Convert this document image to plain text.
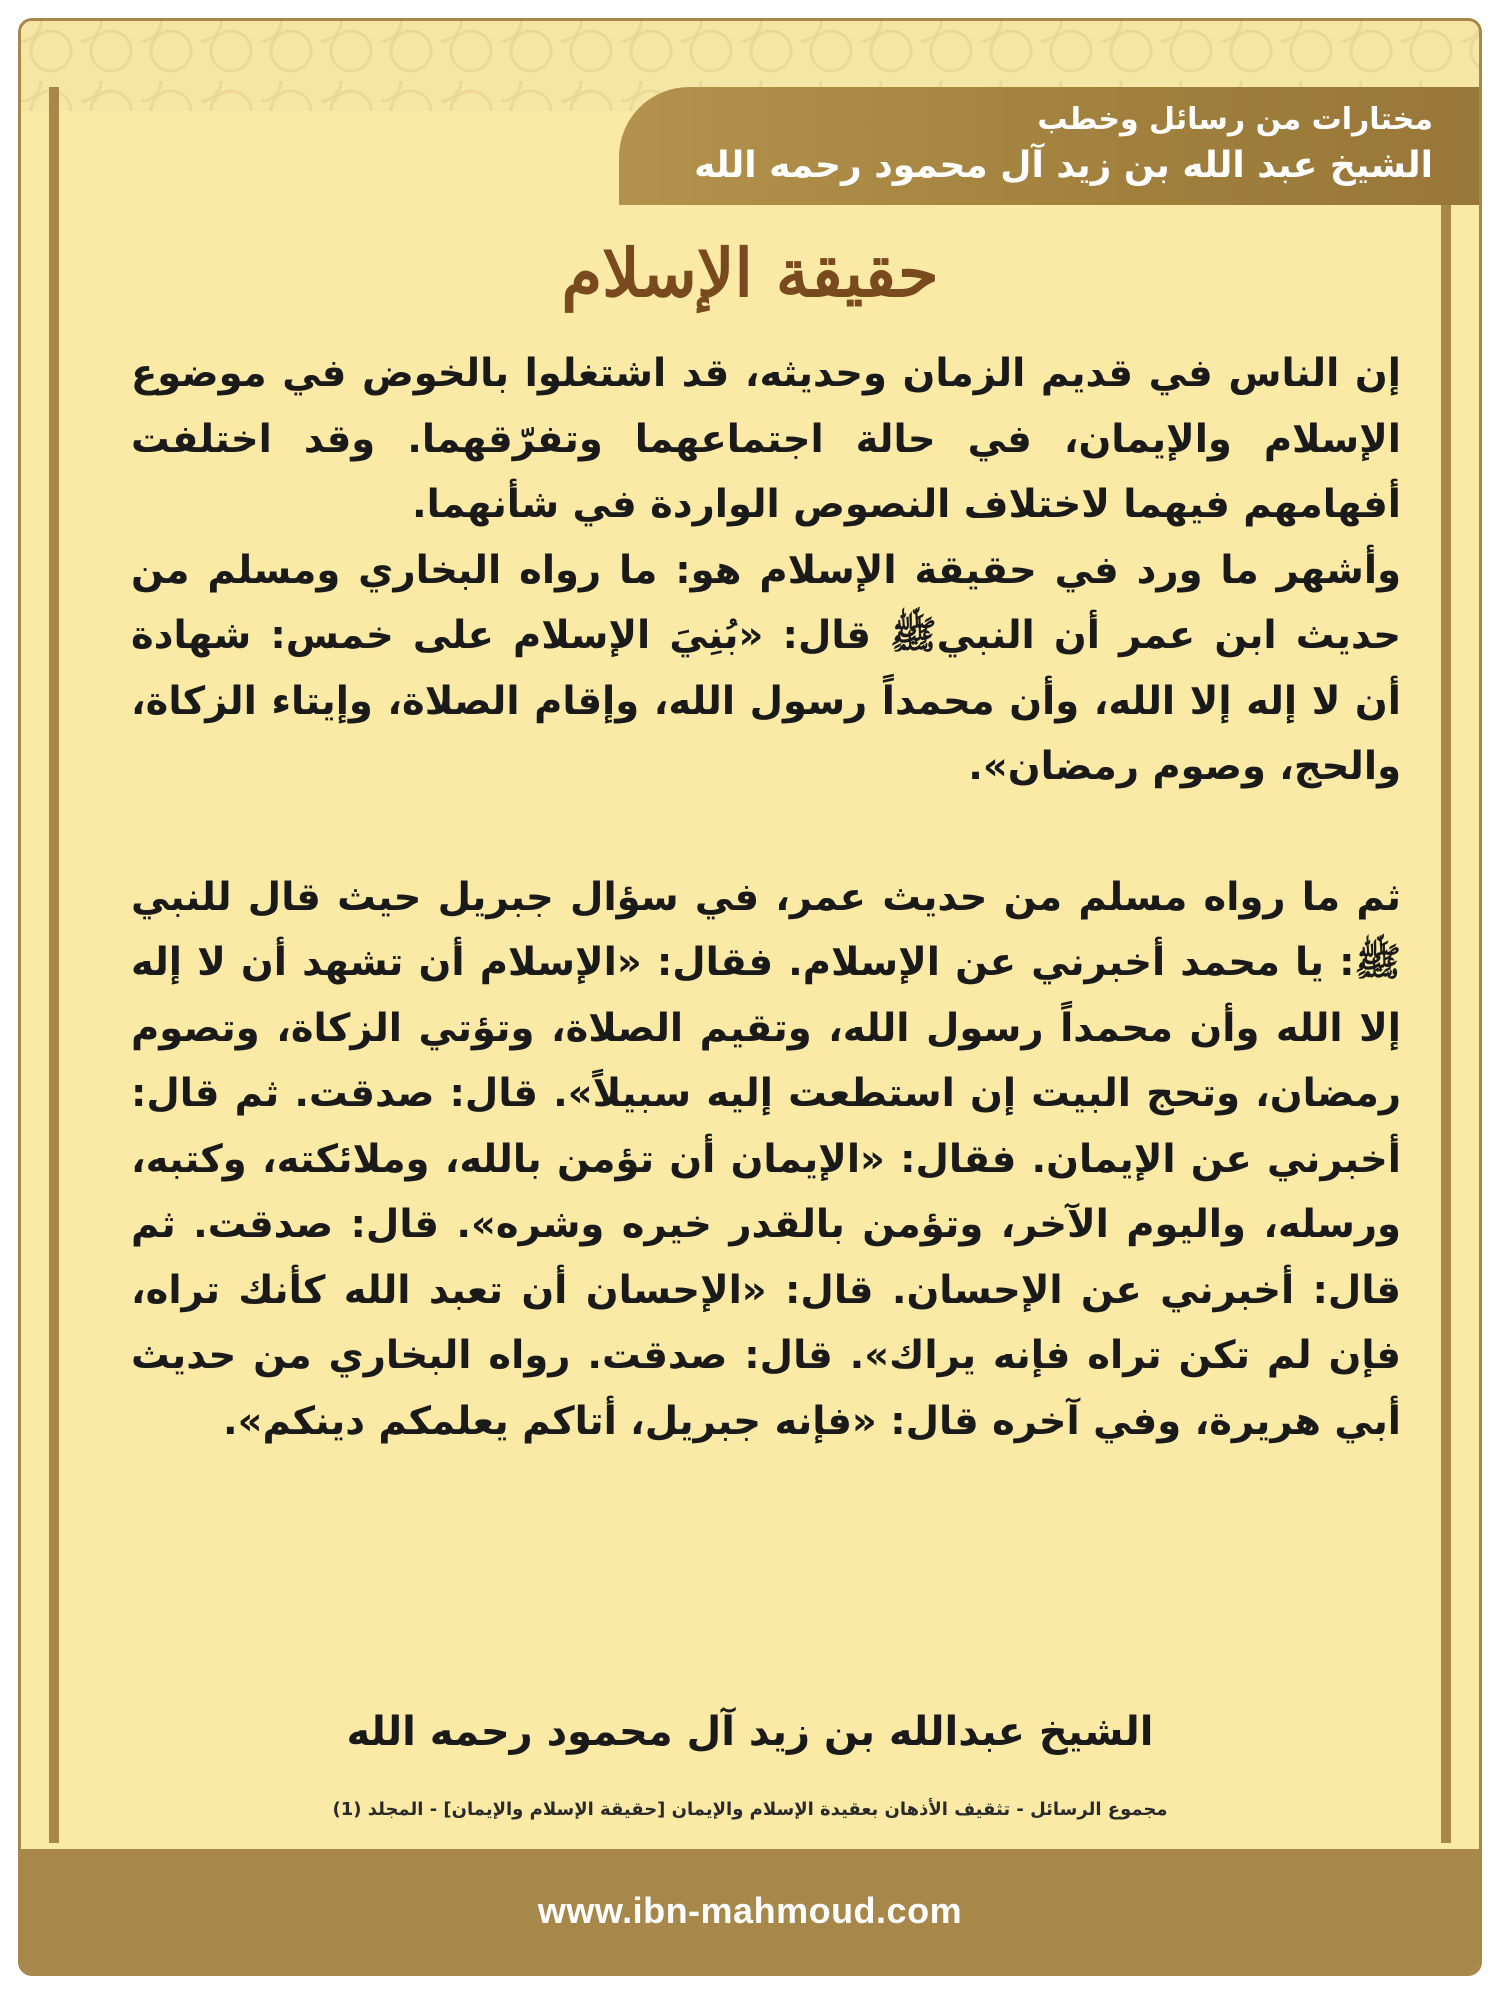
مختارات من رسائل وخطب
الشيخ عبد الله بن زيد آل محمود رحمه الله
حقيقة الإسلام

إن الناس في قديم الزمان وحديثه، قد اشتغلوا بالخوض في موضوع الإسلام والإيمان، في حالة اجتماعهما وتفرّقهما. وقد اختلفت أفهامهم فيهما لاختلاف النصوص الواردة في شأنهما.

وأشهر ما ورد في حقيقة الإسلام هو: ما رواه البخاري ومسلم من حديث ابن عمر أن النبيﷺ قال: «بُنِيَ الإسلام على خمس: شهادة أن لا إله إلا الله، وأن محمداً رسول الله، وإقام الصلاة، وإيتاء الزكاة، والحج، وصوم رمضان».

ثم ما رواه مسلم من حديث عمر، في سؤال جبريل حيث قال للنبي ﷺ: يا محمد أخبرني عن الإسلام. فقال: «الإسلام أن تشهد أن لا إله إلا الله وأن محمداً رسول الله، وتقيم الصلاة، وتؤتي الزكاة، وتصوم رمضان، وتحج البيت إن استطعت إليه سبيلاً». قال: صدقت. ثم قال: أخبرني عن الإيمان. فقال: «الإيمان أن تؤمن بالله، وملائكته، وكتبه، ورسله، واليوم الآخر، وتؤمن بالقدر خيره وشره». قال: صدقت. ثم قال: أخبرني عن الإحسان. قال: «الإحسان أن تعبد الله كأنك تراه، فإن لم تكن تراه فإنه يراك». قال: صدقت. رواه البخاري من حديث أبي هريرة، وفي آخره قال: «فإنه جبريل، أتاكم يعلمكم دينكم».

الشيخ عبدالله بن زيد آل محمود رحمه الله
مجموع الرسائل - تثقيف الأذهان بعقيدة الإسلام والإيمان [حقيقة الإسلام والإيمان] - المجلد (1)
www.ibn-mahmoud.com
